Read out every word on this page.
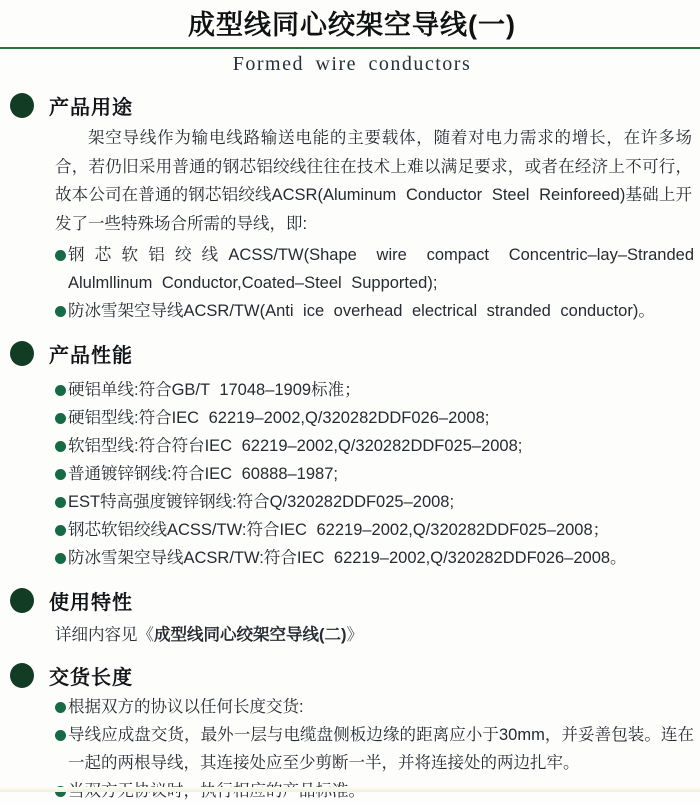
成型线同心绞架空导线(一)
Formed wire conductors
产品用途

架空导线作为输电线路输送电能的主要载体，随着对电力需求的增长，在许多场合，若仍旧采用普通的钢芯铝绞线往往在技术上难以满足要求，或者在经济上不可行，故本公司在普通的钢芯铝绞线ACSR(Aluminum Conductor Steel Reinforeed)基础上开发了一些特殊场合所需的导线，即:

钢芯软铝绞线ACSS/TW(Shape wire compact Concentric–lay–Stranded Alulmllinum Conductor,Coated–Steel Supported);
防冰雪架空导线ACSR/TW(Anti ice overhead electrical stranded conductor)。
产品性能
硬铝单线:符合GB/T 17048–1909标准；
硬铝型线:符合IEC 62219–2002,Q/320282DDF026–2008;
软铝型线:符合符台IEC 62219–2002,Q/320282DDF025–2008;
普通镀锌钢线:符合IEC 60888–1987;
EST特高强度镀锌钢线:符合Q/320282DDF025–2008;
钢芯软铝绞线ACSS/TW:符合IEC 62219–2002,Q/320282DDF025–2008；
防冰雪架空导线ACSR/TW:符合IEC 62219–2002,Q/320282DDF026–2008。
使用特性
详细内容见《成型线同心绞架空导线(二)》
交货长度
根据双方的协议以任何长度交货:
导线应成盘交货，最外一层与电缆盘侧板边缘的距离应小于30mm，并妥善包装。连在一起的两根导线，其连接处应至少剪断一半，并将连接处的两边扎牢。
